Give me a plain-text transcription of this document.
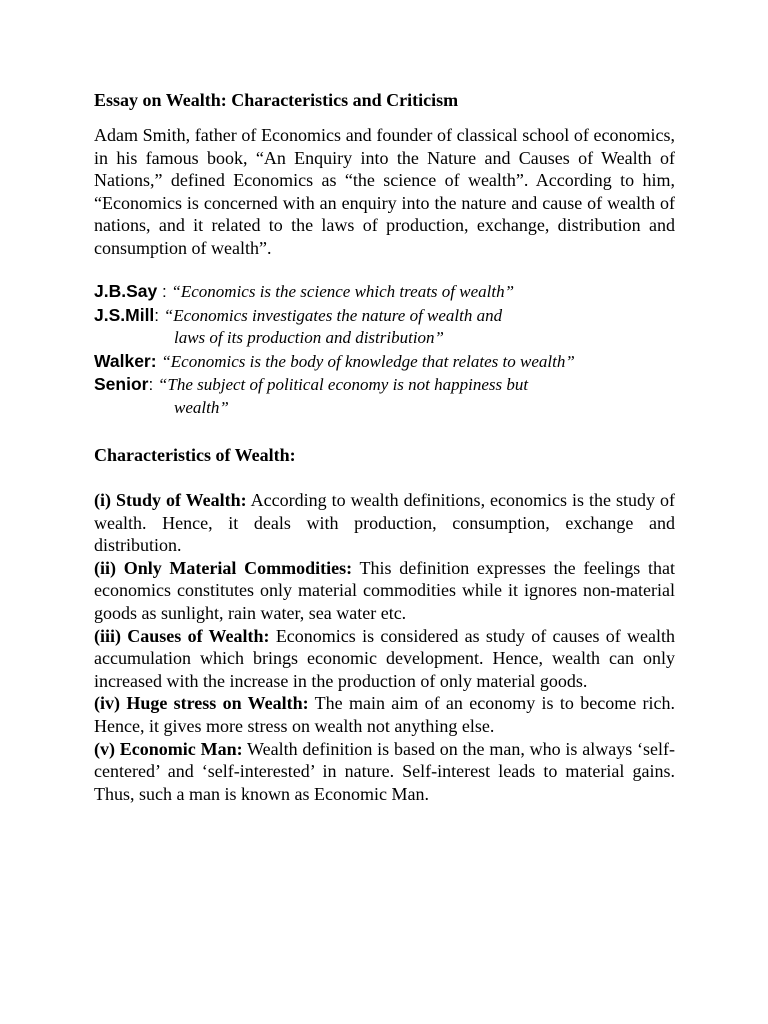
Essay on Wealth: Characteristics and Criticism

Adam Smith, father of Economics and founder of classical school of economics, in his famous book, “An Enquiry into the Nature and Causes of Wealth of Nations,” defined Economics as “the science of wealth”. According to him, “Economics is concerned with an enquiry into the nature and cause of wealth of nations, and it related to the laws of production, exchange, distribution and consumption of wealth”.

J.B.Say : “Economics is the science which treats of wealth”
J.S.Mill: “Economics investigates the nature of wealth and
laws of its production and distribution”
Walker: “Economics is the body of knowledge that relates to wealth”
Senior: “The subject of political economy is not happiness but
wealth”
Characteristics of Wealth:

(i) Study of Wealth: According to wealth definitions, economics is the study of wealth. Hence, it deals with production, consumption, exchange and distribution.

(ii) Only Material Commodities: This definition expresses the feelings that economics constitutes only material commodities while it ignores non-material goods as sunlight, rain water, sea water etc.

(iii) Causes of Wealth: Economics is considered as study of causes of wealth accumulation which brings economic development. Hence, wealth can only increased with the increase in the production of only material goods.

(iv) Huge stress on Wealth: The main aim of an economy is to become rich. Hence, it gives more stress on wealth not anything else.

(v) Economic Man: Wealth definition is based on the man, who is always ‘self-centered’ and ‘self-interested’ in nature. Self-interest leads to material gains. Thus, such a man is known as Economic Man.
